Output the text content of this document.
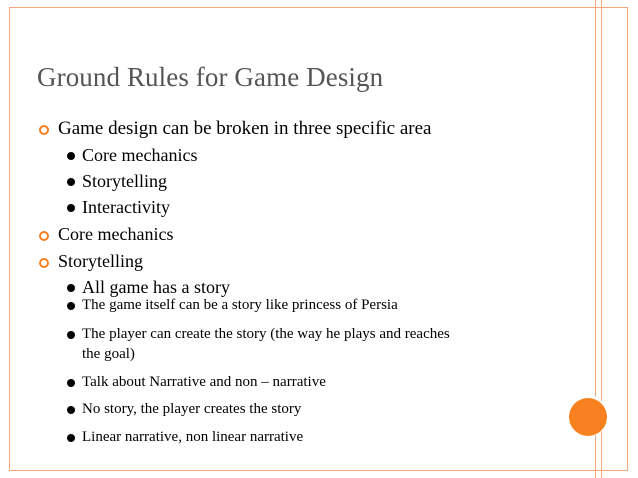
Ground Rules for Game Design
Game design can be broken in three specific area
Core mechanics
Storytelling
Interactivity
Core mechanics
Storytelling
All game has a story
The game itself can be a story like princess of Persia
The player can create the story (the way he plays and reaches
the goal)
Talk about Narrative and non – narrative
No story, the player creates the story
Linear narrative, non linear narrative
